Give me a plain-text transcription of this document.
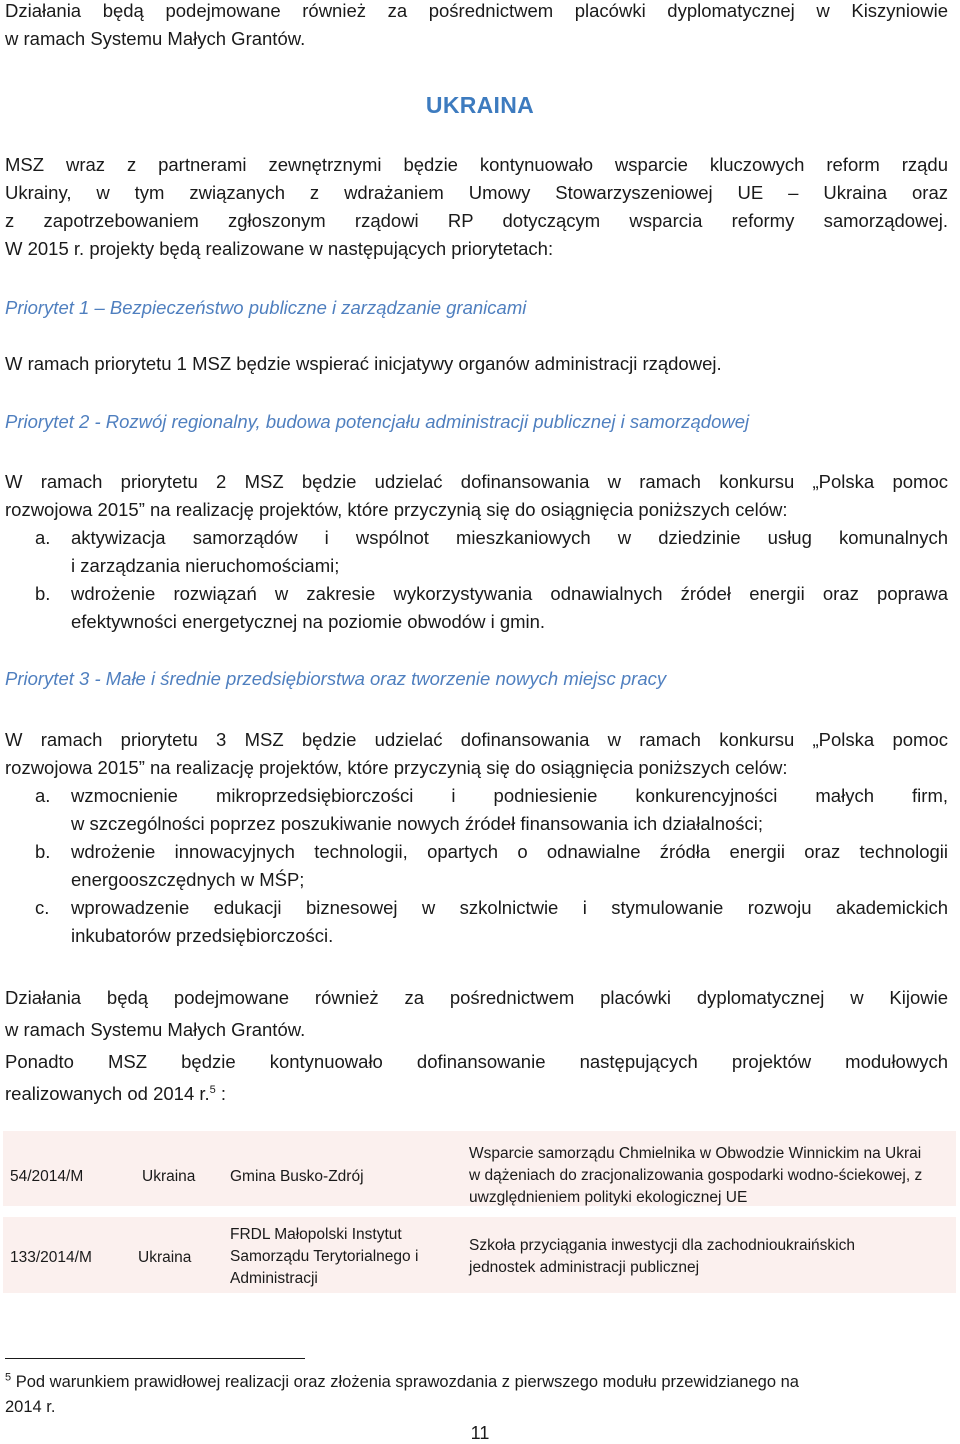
Działania będą podejmowane również za pośrednictwem placówki dyplomatycznej w Kiszyniowie
w ramach Systemu Małych Grantów.
UKRAINA
MSZ wraz z partnerami zewnętrznymi będzie kontynuowało wsparcie kluczowych reform rządu
Ukrainy, w tym związanych z wdrażaniem Umowy Stowarzyszeniowej UE – Ukraina oraz
z zapotrzebowaniem zgłoszonym rządowi RP dotyczącym wsparcia reformy samorządowej.
W 2015 r. projekty będą realizowane w następujących priorytetach:
Priorytet 1 – Bezpieczeństwo publiczne i zarządzanie granicami
W ramach priorytetu 1 MSZ będzie wspierać inicjatywy organów administracji rządowej.
Priorytet 2 - Rozwój regionalny, budowa potencjału administracji publicznej i samorządowej
W ramach priorytetu 2 MSZ będzie udzielać dofinansowania w ramach konkursu „Polska pomoc
rozwojowa 2015” na realizację projektów, które przyczynią się do osiągnięcia poniższych celów:
a. aktywizacja samorządów i wspólnot mieszkaniowych w dziedzinie usług komunalnych
i zarządzania nieruchomościami;
b. wdrożenie rozwiązań w zakresie wykorzystywania odnawialnych źródeł energii oraz poprawa
efektywności energetycznej na poziomie obwodów i gmin.
Priorytet 3 - Małe i średnie przedsiębiorstwa oraz tworzenie nowych miejsc pracy
W ramach priorytetu 3 MSZ będzie udzielać dofinansowania w ramach konkursu „Polska pomoc
rozwojowa 2015” na realizację projektów, które przyczynią się do osiągnięcia poniższych celów:
a. wzmocnienie mikroprzedsiębiorczości i podniesienie konkurencyjności małych firm,
w szczególności poprzez poszukiwanie nowych źródeł finansowania ich działalności;
b. wdrożenie innowacyjnych technologii, opartych o odnawialne źródła energii oraz technologii
energooszczędnych w MŚP;
c. wprowadzenie edukacji biznesowej w szkolnictwie i stymulowanie rozwoju akademickich
inkubatorów przedsiębiorczości.
Działania będą podejmowane również za pośrednictwem placówki dyplomatycznej w Kijowie
w ramach Systemu Małych Grantów.
Ponadto MSZ będzie kontynuowało dofinansowanie następujących projektów modułowych
realizowanych od 2014 r.$^5$ :
54/2014/M	Ukraina Gmina Busko-Zdrój
Wsparcie samorządu Chmielnika w Obwodzie Winnickim na Ukrai
w dążeniach do zracjonalizowania gospodarki wodno-ściekowej, z
uwzględnieniem polityki ekologicznej UE
133/2014/M	Ukraina
FRDL Małopolski Instytut
Samorządu Terytorialnego i
Administracji
Szkoła przyciągania inwestycji dla zachodnioukraińskich
jednostek administracji publicznej
$^5$ Pod warunkiem prawidłowej realizacji oraz złożenia sprawozdania z pierwszego modułu przewidzianego na
2014 r.
11
